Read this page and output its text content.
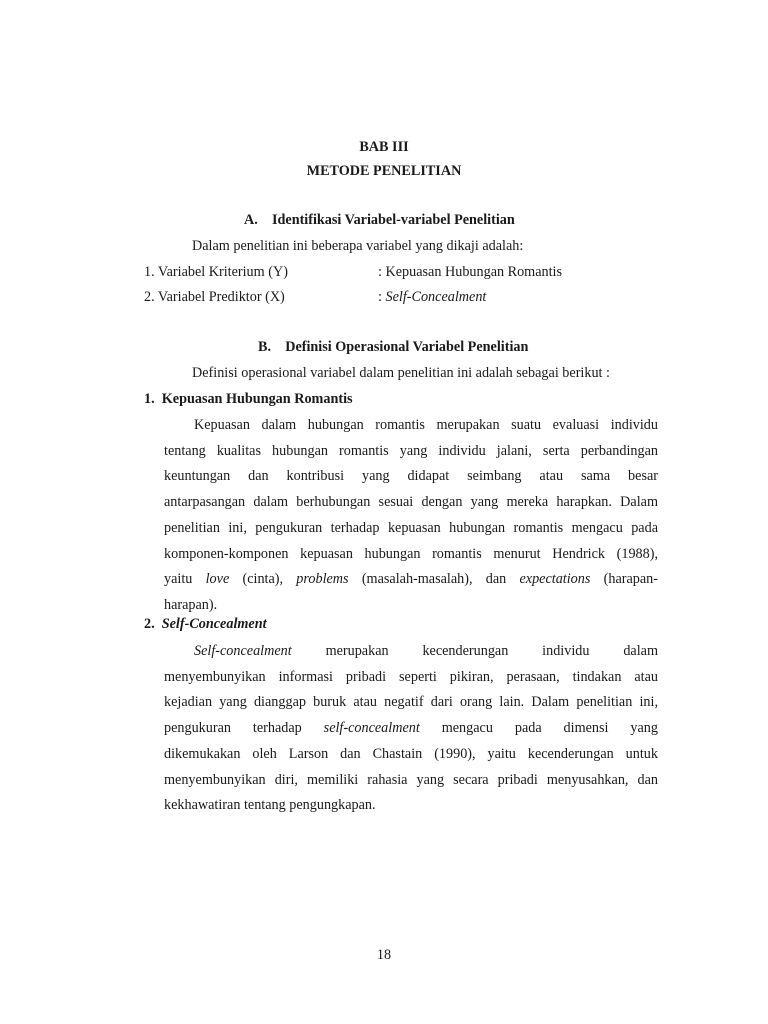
BAB III
METODE PENELITIAN
A. Identifikasi Variabel-variabel Penelitian
Dalam penelitian ini beberapa variabel yang dikaji adalah:
1. Variabel Kriterium (Y)	: Kepuasan Hubungan Romantis
2. Variabel Prediktor (X)	: Self-Concealment
B. Definisi Operasional Variabel Penelitian
Definisi operasional variabel dalam penelitian ini adalah sebagai berikut :
1. Kepuasan Hubungan Romantis

Kepuasan dalam hubungan romantis merupakan suatu evaluasi individu

tentang kualitas hubungan romantis yang individu jalani, serta perbandingan

keuntungan dan kontribusi yang didapat seimbang atau sama besar

antarpasangan dalam berhubungan sesuai dengan yang mereka harapkan. Dalam

penelitian ini, pengukuran terhadap kepuasan hubungan romantis mengacu pada

komponen-komponen kepuasan hubungan romantis menurut Hendrick (1988),

yaitu love (cinta), problems (masalah-masalah), dan expectations (harapan-

harapan).

2. Self-Concealment

Self-concealment merupakan kecenderungan individu dalam

menyembunyikan informasi pribadi seperti pikiran, perasaan, tindakan atau

kejadian yang dianggap buruk atau negatif dari orang lain. Dalam penelitian ini,

pengukuran terhadap self-concealment mengacu pada dimensi yang

dikemukakan oleh Larson dan Chastain (1990), yaitu kecenderungan untuk

menyembunyikan diri, memiliki rahasia yang secara pribadi menyusahkan, dan

kekhawatiran tentang pengungkapan.

18
